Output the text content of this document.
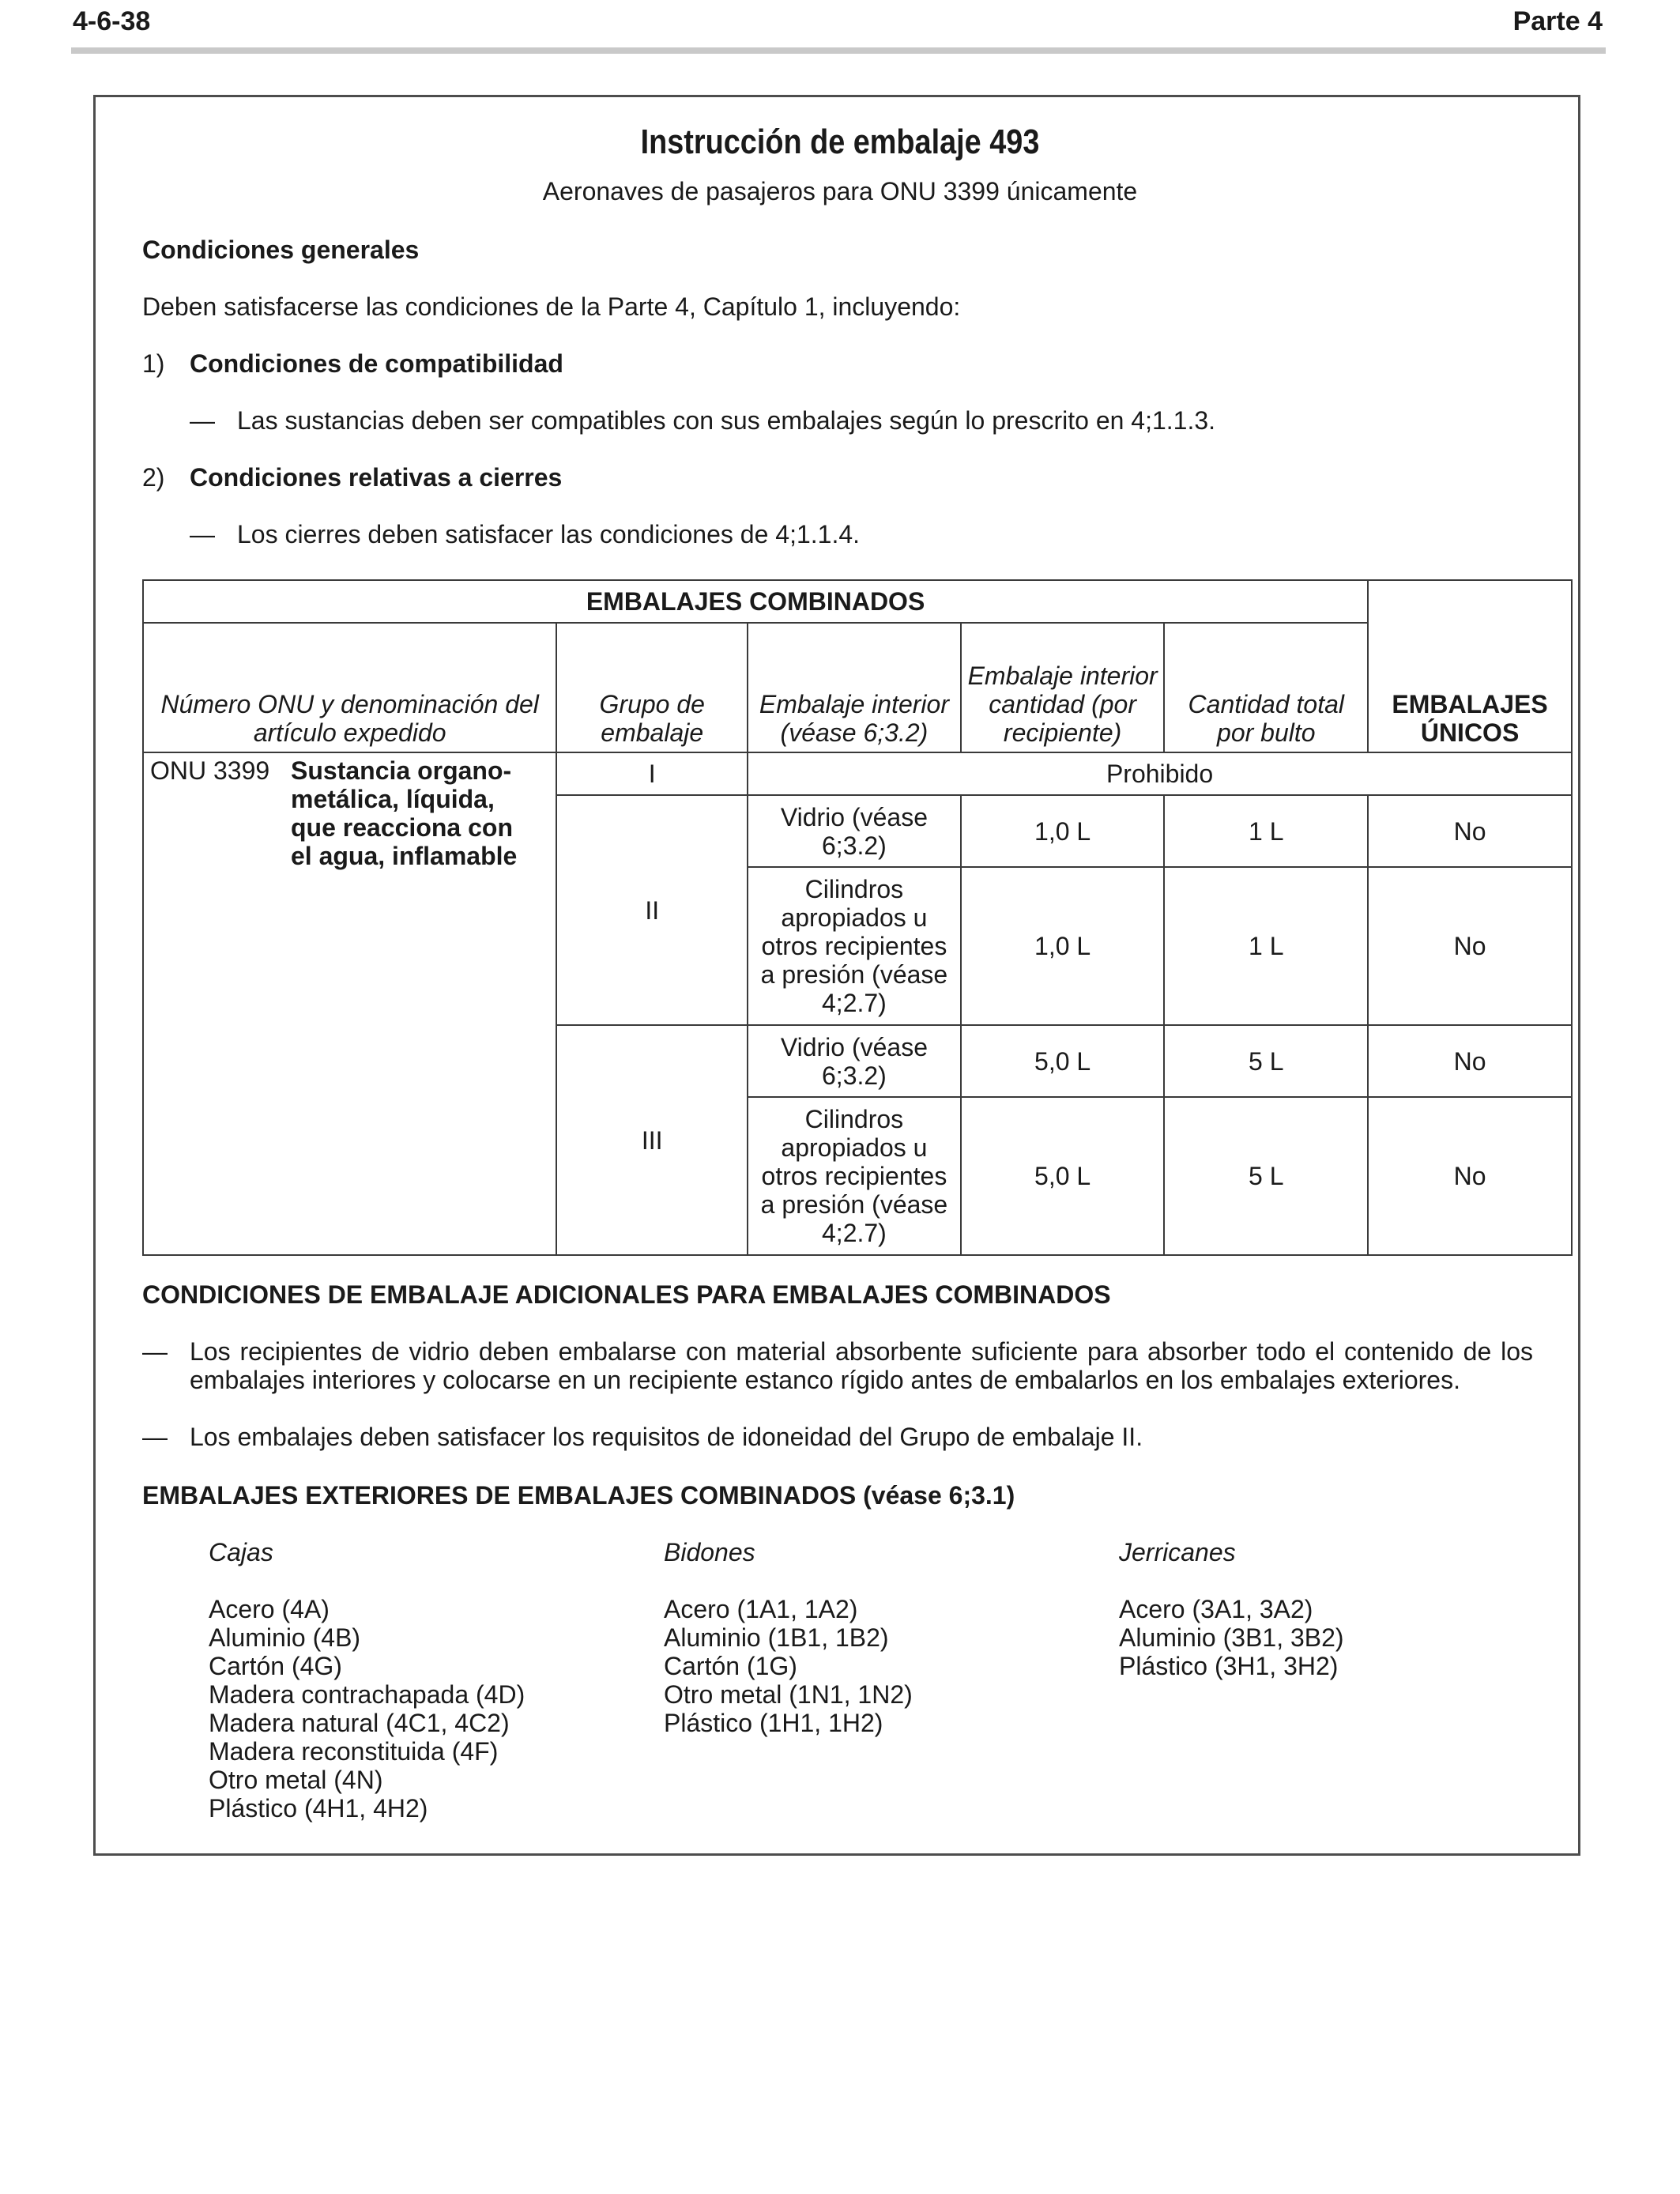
4-6-38	Parte 4
Instrucción de embalaje 493
Aeronaves de pasajeros para ONU 3399 únicamente
Condiciones generales
Deben satisfacerse las condiciones de la Parte 4, Capítulo 1, incluyendo:
1) Condiciones de compatibilidad
— Las sustancias deben ser compatibles con sus embalajes según lo prescrito en 4;1.1.3.
2) Condiciones relativas a cierres
— Los cierres deben satisfacer las condiciones de 4;1.1.4.
EMBALAJES COMBINADOS					EMBALAJES ÚNICOS
Número ONU y denominación del artículo expedido	Grupo de embalaje	Embalaje interior (véase 6;3.2)	Embalaje interior cantidad (por recipiente)	Cantidad total por bulto	
ONU 3399 Sustancia organo-metálica, líquida, que reacciona con el agua, inflamable	I	Prohibido			
	II	Vidrio (véase 6;3.2)	1,0 L	1 L	No
		Cilindros apropiados u otros recipientes a presión (véase 4;2.7)	1,0 L	1 L	No
	III	Vidrio (véase 6;3.2)	5,0 L	5 L	No
		Cilindros apropiados u otros recipientes a presión (véase 4;2.7)	5,0 L	5 L	No
CONDICIONES DE EMBALAJE ADICIONALES PARA EMBALAJES COMBINADOS
— Los recipientes de vidrio deben embalarse con material absorbente suficiente para absorber todo el contenido de los embalajes interiores y colocarse en un recipiente estanco rígido antes de embalarlos en los embalajes exteriores.
— Los embalajes deben satisfacer los requisitos de idoneidad del Grupo de embalaje II.
EMBALAJES EXTERIORES DE EMBALAJES COMBINADOS (véase 6;3.1)
Cajas
Acero (4A)
Aluminio (4B)
Cartón (4G)
Madera contrachapada (4D)
Madera natural (4C1, 4C2)
Madera reconstituida (4F)
Otro metal (4N)
Plástico (4H1, 4H2)
Bidones
Acero (1A1, 1A2)
Aluminio (1B1, 1B2)
Cartón (1G)
Otro metal (1N1, 1N2)
Plástico (1H1, 1H2)
Jerricanes
Acero (3A1, 3A2)
Aluminio (3B1, 3B2)
Plástico (3H1, 3H2)
